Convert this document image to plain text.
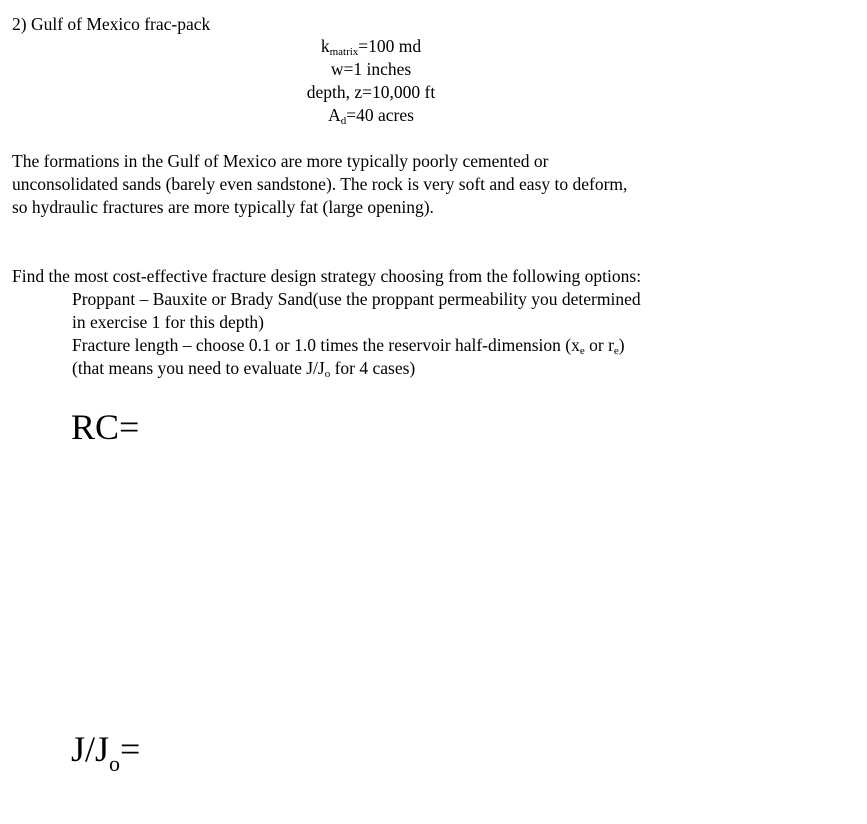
2) Gulf of Mexico frac-pack
$k_{matrix}=100$ md
w=1 inches
depth, z=10,000 ft
$A_d=40$ acres
The formations in the Gulf of Mexico are more typically poorly cemented or
unconsolidated sands (barely even sandstone). The rock is very soft and easy to deform,
so hydraulic fractures are more typically fat (large opening).
Find the most cost-effective fracture design strategy choosing from the following options:
Proppant – Bauxite or Brady Sand(use the proppant permeability you determined
in exercise 1 for this depth)
Fracture length – choose 0.1 or 1.0 times the reservoir half-dimension ($x_e$ or $r_e$)
(that means you need to evaluate $J/J_o$ for 4 cases)
RC=
$J/J_o=$
